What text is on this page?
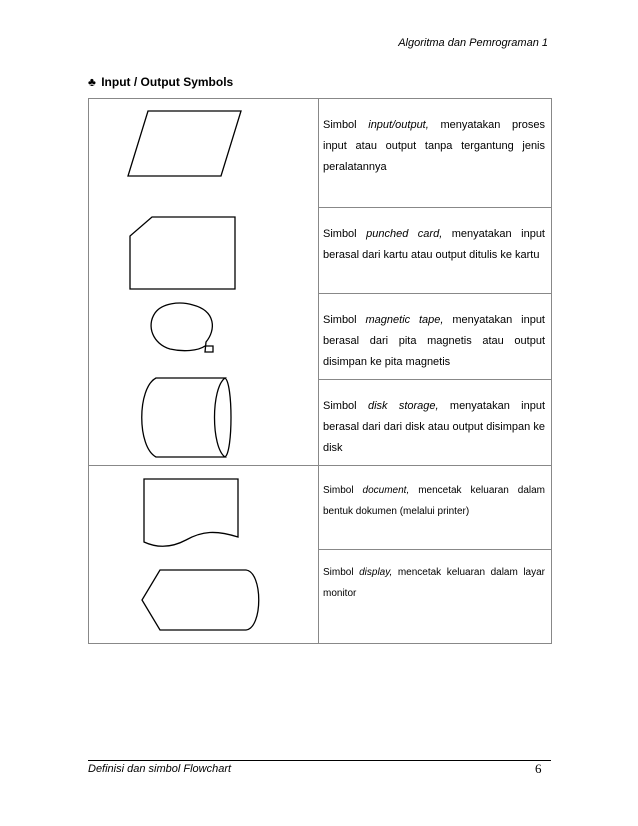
Algoritma dan Pemrograman 1
♣ Input / Output Symbols
Simbol input/output, menyatakan proses input atau output tanpa tergantung jenis peralatannya
Simbol punched card, menyatakan input berasal dari kartu atau output ditulis ke kartu
Simbol magnetic tape, menyatakan input berasal dari pita magnetis atau output disimpan ke pita magnetis
Simbol disk storage, menyatakan input berasal dari dari disk atau output disimpan ke disk
Simbol document, mencetak keluaran dalam bentuk dokumen (melalui printer)
Simbol display, mencetak keluaran dalam layar monitor
Definisi dan simbol Flowchart	6
